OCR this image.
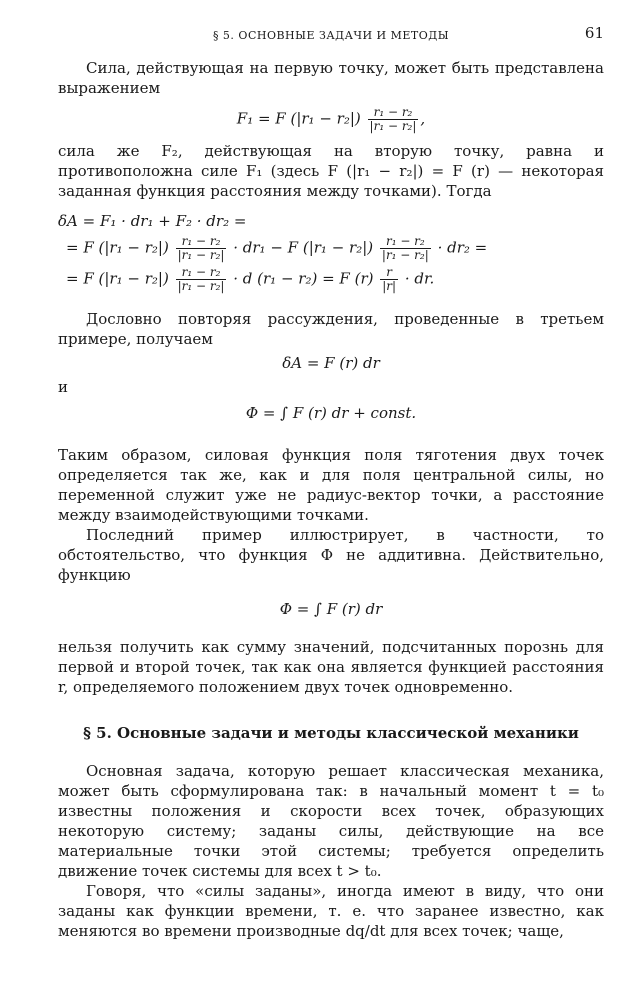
§ 5. ОСНОВНЫЕ ЗАДАЧИ И МЕТОДЫ	61

Сила, действующая на первую точку, может быть представлена выражением

F₁ = F $(|r_1 - r_2|) \frac{\text{r₁ − r₂}}{\text{|r₁ − r₂|}}$ ,

сила же F₂, действующая на вторую точку, равна и противоположна силе F₁ (здесь F (|r₁ − r₂|) = F (r) — некоторая заданная функция расстояния между точками). Тогда

δA = F₁ · dr₁ + F₂ · dr₂ =
= F $(|r_1 - r_2|) \frac{\text{r₁ − r₂}}{\text{|r₁ − r₂|}} \cdot dr_1 - F$ $(|r_1 - r_2|) \frac{\text{r₁ − r₂}}{\text{|r₁ − r₂|}} \cdot dr_2$ =
= F $(|r_1 - r_2|) \frac{\text{r₁ − r₂}}{\text{|r₁ − r₂|}} \cdot d$ (r₁ − r₂) = F $(r) \frac{r}{|r|}$ · dr.

Дословно повторяя рассуждения, проведенные в третьем примере, получаем

δA = F (r) dr
и
Φ = ∫ F (r) dr + const.

Таким образом, силовая функция поля тяготения двух точек определяется так же, как и для поля центральной силы, но переменной служит уже не радиус-вектор точки, а расстояние между взаимодействующими точками.

Последний пример иллюстрирует, в частности, то обстоятельство, что функция Φ не аддитивна. Действительно, функцию

Φ = ∫ F (r) dr

нельзя получить как сумму значений, подсчитанных порознь для первой и второй точек, так как она является функцией расстояния r, определяемого положением двух точек одновременно.

§ 5. Основные задачи и методы классической механики

Основная задача, которую решает классическая механика, может быть сформулирована так: в начальный момент t = t₀ известны положения и скорости всех точек, образующих некоторую систему; заданы силы, действующие на все материальные точки этой системы; требуется определить движение точек системы для всех t > t₀.

Говоря, что «силы заданы», иногда имеют в виду, что они заданы как функции времени, т. е. что заранее известно, как меняются во времени производные dq/dt для всех точек; чаще,
